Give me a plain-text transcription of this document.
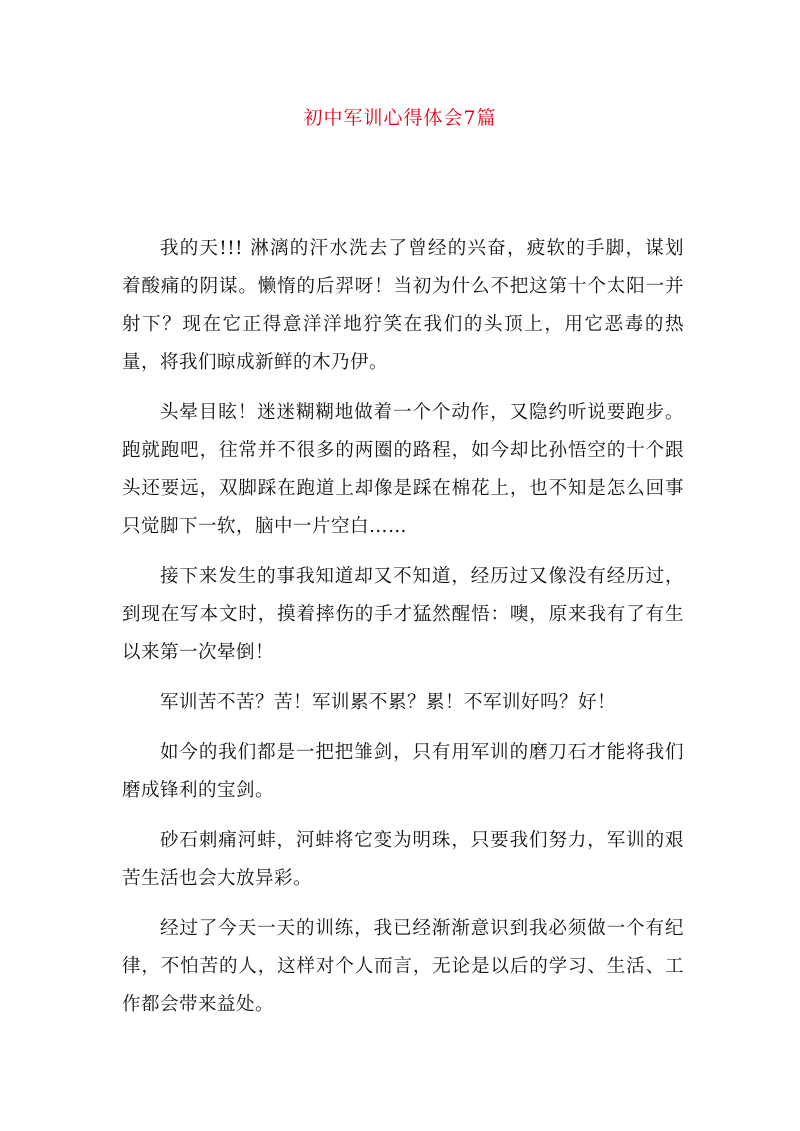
初中军训心得体会7篇

我的天!!! 淋漓的汗水洗去了曾经的兴奋，疲软的手脚，谋划着酸痛的阴谋。懒惰的后羿呀！当初为什么不把这第十个太阳一并射下？现在它正得意洋洋地狞笑在我们的头顶上，用它恶毒的热量，将我们晾成新鲜的木乃伊。

头晕目眩！迷迷糊糊地做着一个个动作，又隐约听说要跑步。跑就跑吧，往常并不很多的两圈的路程，如今却比孙悟空的十个跟头还要远，双脚踩在跑道上却像是踩在棉花上，也不知是怎么回事只觉脚下一软，脑中一片空白……

接下来发生的事我知道却又不知道，经历过又像没有经历过，到现在写本文时，摸着摔伤的手才猛然醒悟：噢，原来我有了有生以来第一次晕倒！

军训苦不苦？苦！军训累不累？累！不军训好吗？好！

如今的我们都是一把把雏剑，只有用军训的磨刀石才能将我们磨成锋利的宝剑。

砂石刺痛河蚌，河蚌将它变为明珠，只要我们努力，军训的艰苦生活也会大放异彩。

经过了今天一天的训练，我已经渐渐意识到我必须做一个有纪律，不怕苦的人，这样对个人而言，无论是以后的学习、生活、工作都会带来益处。
